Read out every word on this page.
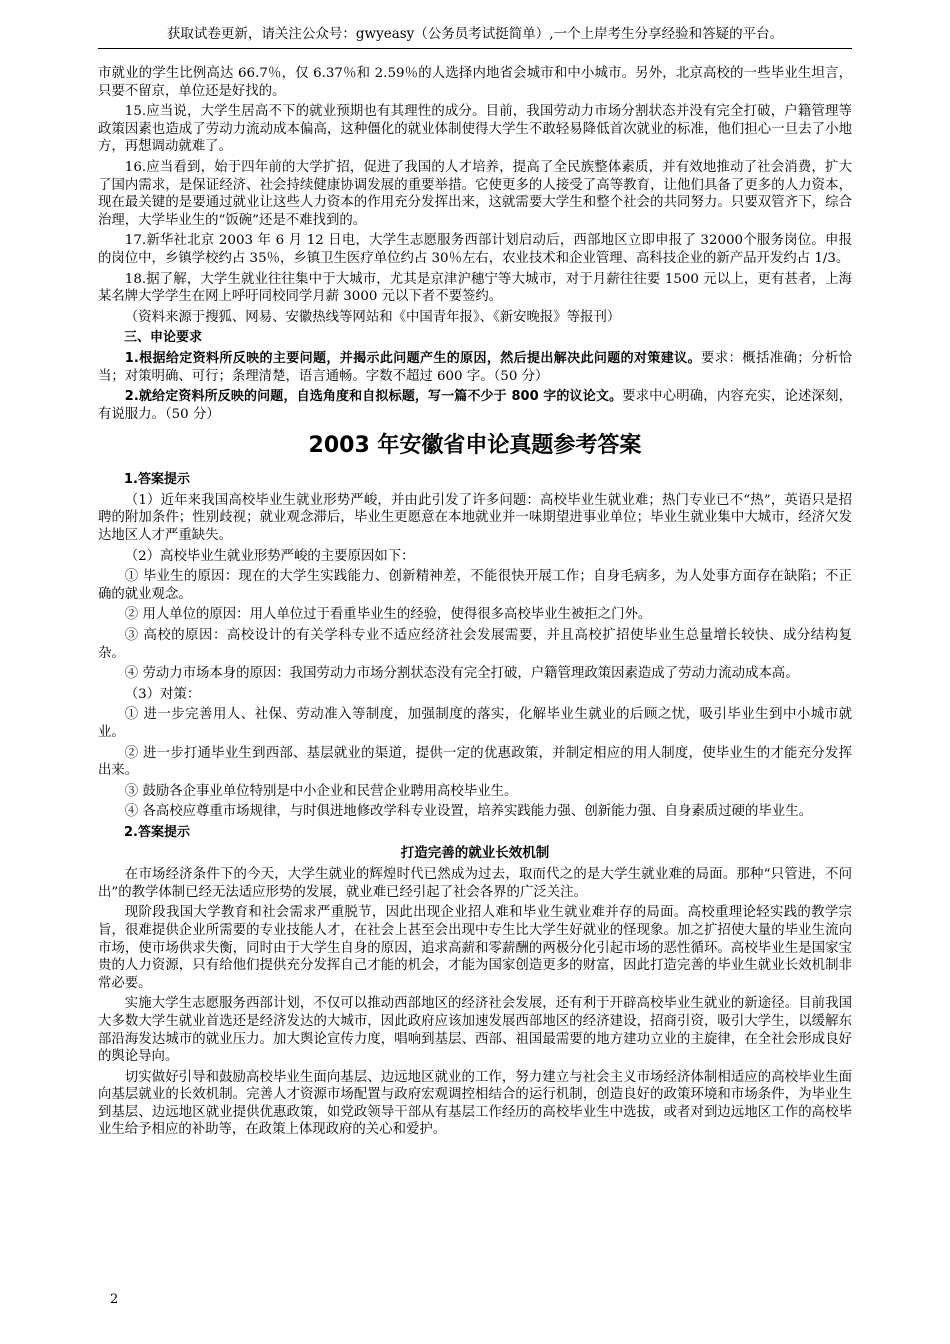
获取试卷更新，请关注公众号：gwyeasy（公务员考试挺简单）,一个上岸考生分享经验和答疑的平台。

市就业的学生比例高达 66.7％，仅 6.37％和 2.59％的人选择内地省会城市和中小城市。另外，北京高校的一些毕业生坦言，只要不留京，单位还是好找的。

15.应当说，大学生居高不下的就业预期也有其理性的成分。目前，我国劳动力市场分割状态并没有完全打破，户籍管理等政策因素也造成了劳动力流动成本偏高，这种僵化的就业体制使得大学生不敢轻易降低首次就业的标准，他们担心一旦去了小地方，再想调动就难了。

16.应当看到，始于四年前的大学扩招，促进了我国的人才培养，提高了全民族整体素质，并有效地推动了社会消费，扩大了国内需求，是保证经济、社会持续健康协调发展的重要举措。它使更多的人接受了高等教育，让他们具备了更多的人力资本，现在最关键的是要通过就业让这些人力资本的作用充分发挥出来，这就需要大学生和整个社会的共同努力。只要双管齐下，综合治理，大学毕业生的“饭碗”还是不难找到的。

17.新华社北京 2003 年 6 月 12 日电，大学生志愿服务西部计划启动后，西部地区立即申报了 32000个服务岗位。申报的岗位中，乡镇学校约占 35％，乡镇卫生医疗单位约占 30％左右，农业技术和企业管理、高科技企业的新产品开发约占 1/3。

18.据了解，大学生就业往往集中于大城市，尤其是京津沪穗宁等大城市，对于月薪往往要 1500 元以上，更有甚者，上海某名牌大学学生在网上呼吁同校同学月薪 3000 元以下者不要签约。

（资料来源于搜狐、网易、安徽热线等网站和《中国青年报》、《新安晚报》等报刊）

三、申论要求

1.根据给定资料所反映的主要问题，并揭示此问题产生的原因，然后提出解决此问题的对策建议。要求：概括准确；分析恰当；对策明确、可行；条理清楚，语言通畅。字数不超过 600 字。（50 分）

2.就给定资料所反映的问题，自选角度和自拟标题，写一篇不少于 800 字的议论文。要求中心明确，内容充实，论述深刻，有说服力。（50 分）

2003 年安徽省申论真题参考答案

1.答案提示

（1）近年来我国高校毕业生就业形势严峻，并由此引发了许多问题：高校毕业生就业难；热门专业已不“热”，英语只是招聘的附加条件；性别歧视；就业观念滞后，毕业生更愿意在本地就业并一味期望进事业单位；毕业生就业集中大城市，经济欠发达地区人才严重缺失。

（2）高校毕业生就业形势严峻的主要原因如下：

① 毕业生的原因：现在的大学生实践能力、创新精神差，不能很快开展工作；自身毛病多，为人处事方面存在缺陷；不正确的就业观念。

② 用人单位的原因：用人单位过于看重毕业生的经验，使得很多高校毕业生被拒之门外。

③ 高校的原因：高校设计的有关学科专业不适应经济社会发展需要，并且高校扩招使毕业生总量增长较快、成分结构复杂。

④ 劳动力市场本身的原因：我国劳动力市场分割状态没有完全打破，户籍管理政策因素造成了劳动力流动成本高。

（3）对策：

① 进一步完善用人、社保、劳动准入等制度，加强制度的落实，化解毕业生就业的后顾之忧，吸引毕业生到中小城市就业。

② 进一步打通毕业生到西部、基层就业的渠道，提供一定的优惠政策，并制定相应的用人制度，使毕业生的才能充分发挥出来。

③ 鼓励各企事业单位特别是中小企业和民营企业聘用高校毕业生。

④ 各高校应尊重市场规律，与时俱进地修改学科专业设置，培养实践能力强、创新能力强、自身素质过硬的毕业生。

2.答案提示

打造完善的就业长效机制

在市场经济条件下的今天，大学生就业的辉煌时代已然成为过去，取而代之的是大学生就业难的局面。那种“只管进，不问出”的教学体制已经无法适应形势的发展，就业难已经引起了社会各界的广泛关注。

现阶段我国大学教育和社会需求严重脱节，因此出现企业招人难和毕业生就业难并存的局面。高校重理论轻实践的教学宗旨，很难提供企业所需要的专业技能人才，在社会上甚至会出现中专生比大学生好就业的怪现象。加之扩招使大量的毕业生流向市场，使市场供求失衡，同时由于大学生自身的原因，追求高薪和零薪酬的两极分化引起市场的恶性循环。高校毕业生是国家宝贵的人力资源，只有给他们提供充分发挥自己才能的机会，才能为国家创造更多的财富，因此打造完善的毕业生就业长效机制非常必要。

实施大学生志愿服务西部计划，不仅可以推动西部地区的经济社会发展，还有利于开辟高校毕业生就业的新途径。目前我国大多数大学生就业首选还是经济发达的大城市，因此政府应该加速发展西部地区的经济建设，招商引资，吸引大学生，以缓解东部沿海发达城市的就业压力。加大舆论宣传力度，唱响到基层、西部、祖国最需要的地方建功立业的主旋律，在全社会形成良好的舆论导向。

切实做好引导和鼓励高校毕业生面向基层、边远地区就业的工作，努力建立与社会主义市场经济体制相适应的高校毕业生面向基层就业的长效机制。完善人才资源市场配置与政府宏观调控相结合的运行机制，创造良好的政策环境和市场条件，为毕业生到基层、边远地区就业提供优惠政策，如党政领导干部从有基层工作经历的高校毕业生中选拔，或者对到边远地区工作的高校毕业生给予相应的补助等，在政策上体现政府的关心和爱护。

2
